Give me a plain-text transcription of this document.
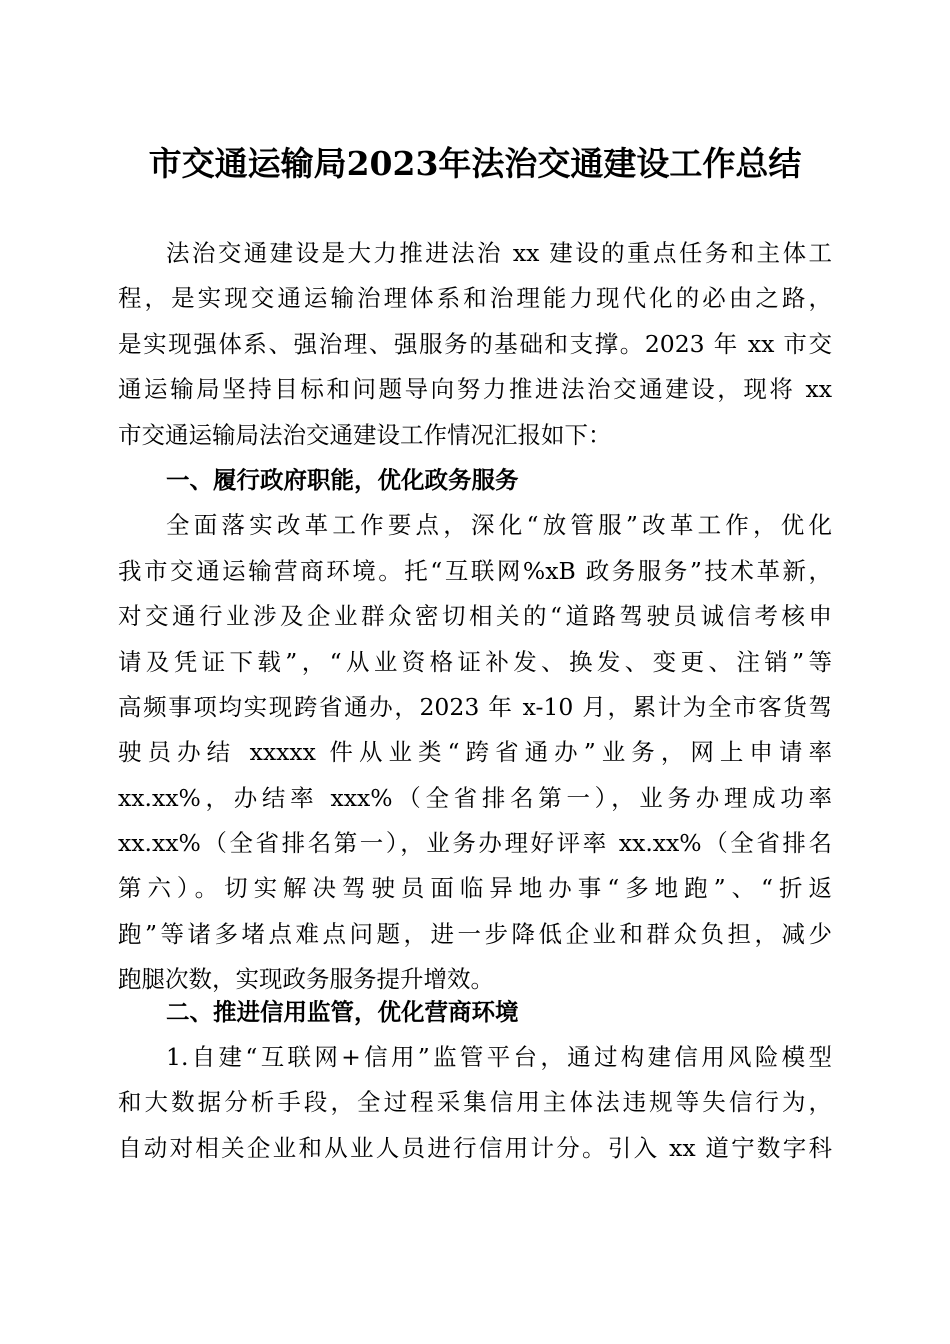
市交通运输局2023年法治交通建设工作总结
法治交通建设是大力推进法治 xx 建设的重点任务和主体工
程，是实现交通运输治理体系和治理能力现代化的必由之路，
是实现强体系、强治理、强服务的基础和支撑。2023 年 xx 市交
通运输局坚持目标和问题导向努力推进法治交通建设，现将 xx
市交通运输局法治交通建设工作情况汇报如下：
一、履行政府职能，优化政务服务
全面落实改革工作要点，深化“放管服”改革工作，优化
我市交通运输营商环境。托“互联网%xB 政务服务”技术革新，
对交通行业涉及企业群众密切相关的“道路驾驶员诚信考核申
请及凭证下载”，“从业资格证补发、换发、变更、注销”等
高频事项均实现跨省通办，2023 年 x-10 月，累计为全市客货驾
驶员办结 xxxxx 件从业类“跨省通办”业务，网上申请率
xx.xx%，办结率 xxx%（全省排名第一），业务办理成功率
xx.xx%（全省排名第一），业务办理好评率 xx.xx%（全省排名
第六）。切实解决驾驶员面临异地办事“多地跑”、“折返
跑”等诸多堵点难点问题，进一步降低企业和群众负担，减少
跑腿次数，实现政务服务提升增效。
二、推进信用监管，优化营商环境
1.自建“互联网+信用”监管平台，通过构建信用风险模型
和大数据分析手段，全过程采集信用主体法违规等失信行为，
自动对相关企业和从业人员进行信用计分。引入 xx 道宁数字科
